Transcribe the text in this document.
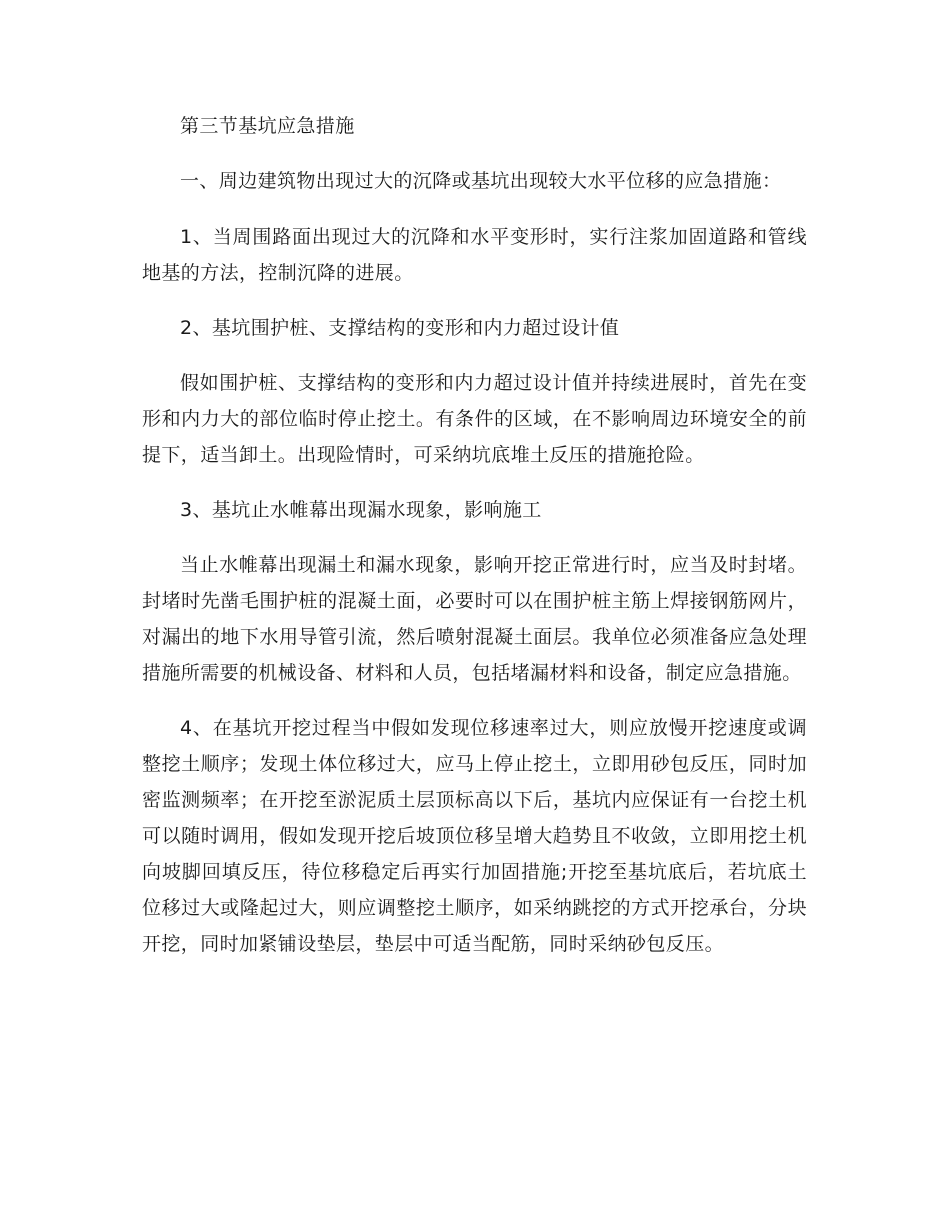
第三节基坑应急措施

一、周边建筑物出现过大的沉降或基坑出现较大水平位移的应急措施：

1、当周围路面出现过大的沉降和水平变形时，实行注浆加固道路和管线地基的方法，控制沉降的进展。

2、基坑围护桩、支撑结构的变形和内力超过设计值

假如围护桩、支撑结构的变形和内力超过设计值并持续进展时，首先在变形和内力大的部位临时停止挖土。有条件的区域，在不影响周边环境安全的前提下，适当卸土。出现险情时，可采纳坑底堆土反压的措施抢险。

3、基坑止水帷幕出现漏水现象，影响施工

当止水帷幕出现漏土和漏水现象，影响开挖正常进行时，应当及时封堵。封堵时先凿毛围护桩的混凝土面，必要时可以在围护桩主筋上焊接钢筋网片，对漏出的地下水用导管引流，然后喷射混凝土面层。我单位必须准备应急处理措施所需要的机械设备、材料和人员，包括堵漏材料和设备，制定应急措施。

4、在基坑开挖过程当中假如发现位移速率过大，则应放慢开挖速度或调整挖土顺序；发现土体位移过大，应马上停止挖土，立即用砂包反压，同时加密监测频率；在开挖至淤泥质土层顶标高以下后，基坑内应保证有一台挖土机可以随时调用，假如发现开挖后坡顶位移呈增大趋势且不收敛，立即用挖土机向坡脚回填反压，待位移稳定后再实行加固措施;开挖至基坑底后，若坑底土位移过大或隆起过大，则应调整挖土顺序，如采纳跳挖的方式开挖承台，分块开挖，同时加紧铺设垫层，垫层中可适当配筋，同时采纳砂包反压。
